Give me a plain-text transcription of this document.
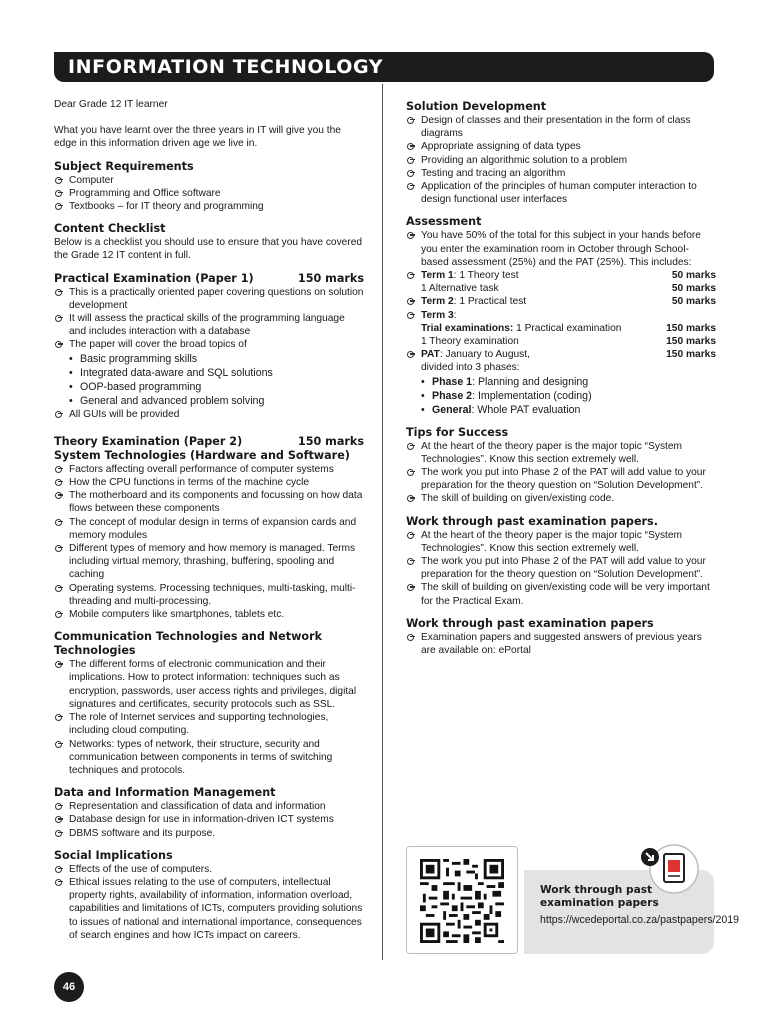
INFORMATION TECHNOLOGY

Dear Grade 12 IT learner

What you have learnt over the three years in IT will give you the edge in this information driven age we live in.

Subject Requirements
Computer
Programming and Office software
Textbooks – for IT theory and programming
Content Checklist

Below is a checklist you should use to ensure that you have covered the Grade 12 IT content in full.

Practical Examination (Paper 1)	150 marks
This is a practically oriented paper covering questions on solution development
It will assess the practical skills of the programming language and includes interaction with a database
The paper will cover the broad topics of
• Basic programming skills
• Integrated data-aware and SQL solutions
• OOP-based programming
• General and advanced problem solving
All GUIs will be provided
Theory Examination (Paper 2)	150 marks
System Technologies (Hardware and Software)
Factors affecting overall performance of computer systems
How the CPU functions in terms of the machine cycle
The motherboard and its components and focussing on how data flows between these components
The concept of modular design in terms of expansion cards and memory modules
Different types of memory and how memory is managed. Terms including virtual memory, thrashing, buffering, spooling and caching
Operating systems. Processing techniques, multi-tasking, multi-threading and multi-processing.
Mobile computers like smartphones, tablets etc.
Communication Technologies and Network Technologies
The different forms of electronic communication and their implications. How to protect information: techniques such as encryption, passwords, user access rights and privileges, digital signatures and certificates, security protocols such as SSL.
The role of Internet services and supporting technologies, including cloud computing.
Networks: types of network, their structure, security and communication between components in terms of switching techniques and protocols.
Data and Information Management
Representation and classification of data and information
Database design for use in information-driven ICT systems
DBMS software and its purpose.
Social Implications
Effects of the use of computers.
Ethical issues relating to the use of computers, intellectual property rights, availability of information, information overload, capabilities and limitations of ICTs, computers providing solutions to issues of national and international importance, consequences of search engines and how ICTs impact on careers.
Solution Development
Design of classes and their presentation in the form of class diagrams
Appropriate assigning of data types
Providing an algorithmic solution to a problem
Testing and tracing an algorithm
Application of the principles of human computer interaction to design functional user interfaces
Assessment
You have 50% of the total for this subject in your hands before you enter the examination room in October through School-based assessment (25%) and the PAT (25%). This includes:
Term 1: 1 Theory test	50 marks
1 Alternative task	50 marks
Term 2: 1 Practical test	50 marks
Term 3:
Trial examinations: 1 Practical examination	150 marks
1 Theory examination	150 marks
PAT: January to August,	150 marks
divided into 3 phases:
• Phase 1: Planning and designing
• Phase 2: Implementation (coding)
• General: Whole PAT evaluation
Tips for Success
At the heart of the theory paper is the major topic “System Technologies”. Know this section extremely well.
The work you put into Phase 2 of the PAT will add value to your preparation for the theory question on “Solution Development”.
The skill of building on given/existing code.
Work through past examination papers.
At the heart of the theory paper is the major topic “System Technologies”. Know this section extremely well.
The work you put into Phase 2 of the PAT will add value to your preparation for the theory question on “Solution Development”.
The skill of building on given/existing code will be very important for the Practical Exam.
Work through past examination papers
Examination papers and suggested answers of previous years are available on: ePortal
Work through past examination papers
https://wcedeportal.co.za/pastpapers/2019
46
